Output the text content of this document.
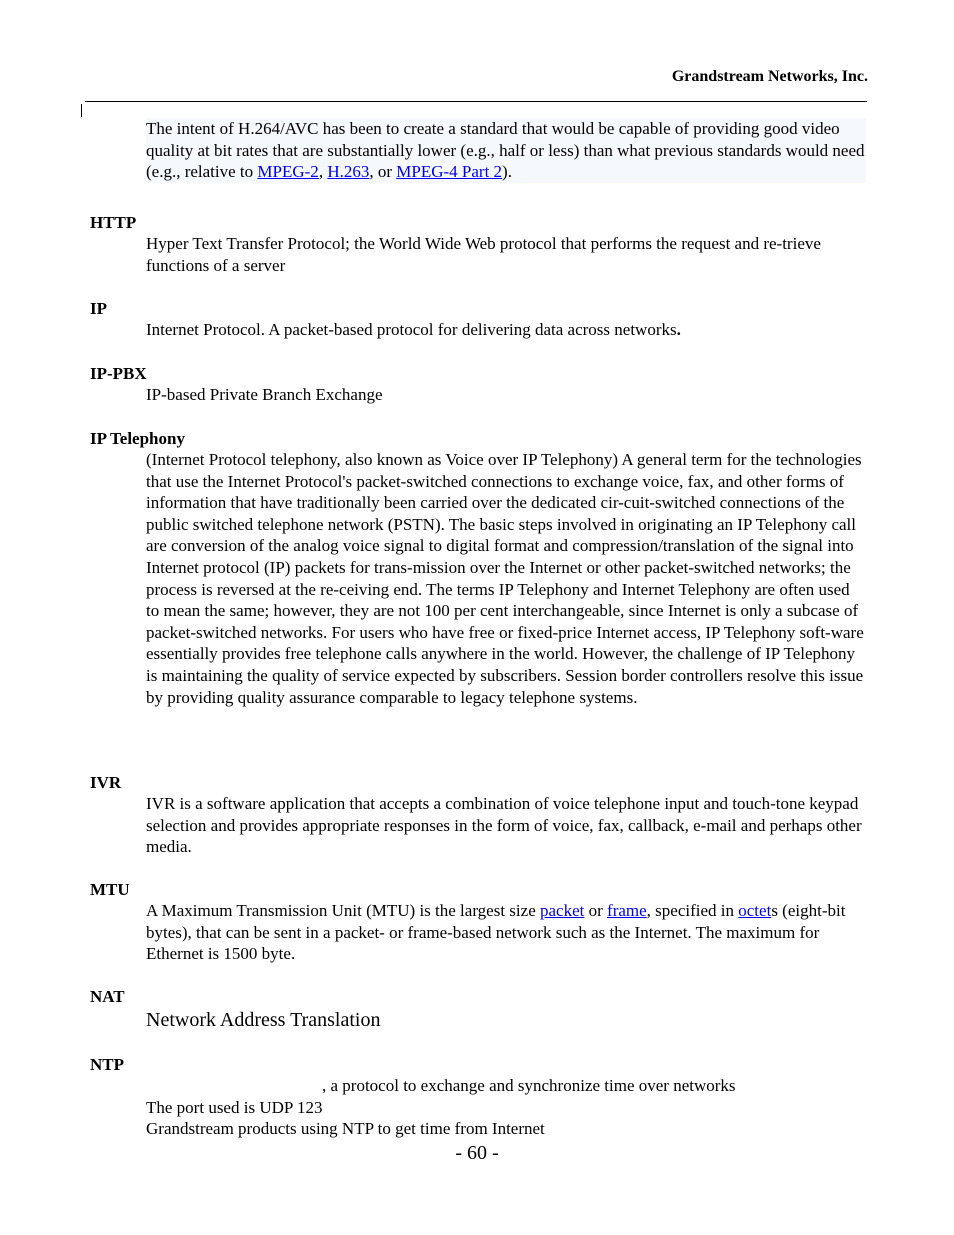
Grandstream Networks, Inc.
The intent of H.264/AVC has been to create a standard that would be capable of providing good video quality at bit rates that are substantially lower (e.g., half or less) than what previous standards would need (e.g., relative to MPEG-2, H.263, or MPEG-4 Part 2).
HTTP
Hyper Text Transfer Protocol; the World Wide Web protocol that performs the request and re-trieve functions of a server
IP
Internet Protocol. A packet-based protocol for delivering data across networks.
IP-PBX
IP-based Private Branch Exchange
IP Telephony
(Internet Protocol telephony, also known as Voice over IP Telephony) A general term for the technologies that use the Internet Protocol's packet-switched connections to exchange voice, fax, and other forms of information that have traditionally been carried over the dedicated cir-cuit-switched connections of the public switched telephone network (PSTN). The basic steps involved in originating an IP Telephony call are conversion of the analog voice signal to digital format and compression/translation of the signal into Internet protocol (IP) packets for trans-mission over the Internet or other packet-switched networks; the process is reversed at the re-ceiving end. The terms IP Telephony and Internet Telephony are often used to mean the same; however, they are not 100 per cent interchangeable, since Internet is only a subcase of packet-switched networks. For users who have free or fixed-price Internet access, IP Telephony soft-ware essentially provides free telephone calls anywhere in the world. However, the challenge of IP Telephony is maintaining the quality of service expected by subscribers. Session border controllers resolve this issue by providing quality assurance comparable to legacy telephone systems.
IVR
IVR is a software application that accepts a combination of voice telephone input and touch-tone keypad selection and provides appropriate responses in the form of voice, fax, callback, e-mail and perhaps other media.
MTU
A Maximum Transmission Unit (MTU) is the largest size packet or frame, specified in octets (eight-bit bytes), that can be sent in a packet- or frame-based network such as the Internet. The maximum for Ethernet is 1500 byte.
NAT
Network Address Translation
NTP
, a protocol to exchange and synchronize time over networks
The port used is UDP 123
Grandstream products using NTP to get time from Internet
- 60 -
